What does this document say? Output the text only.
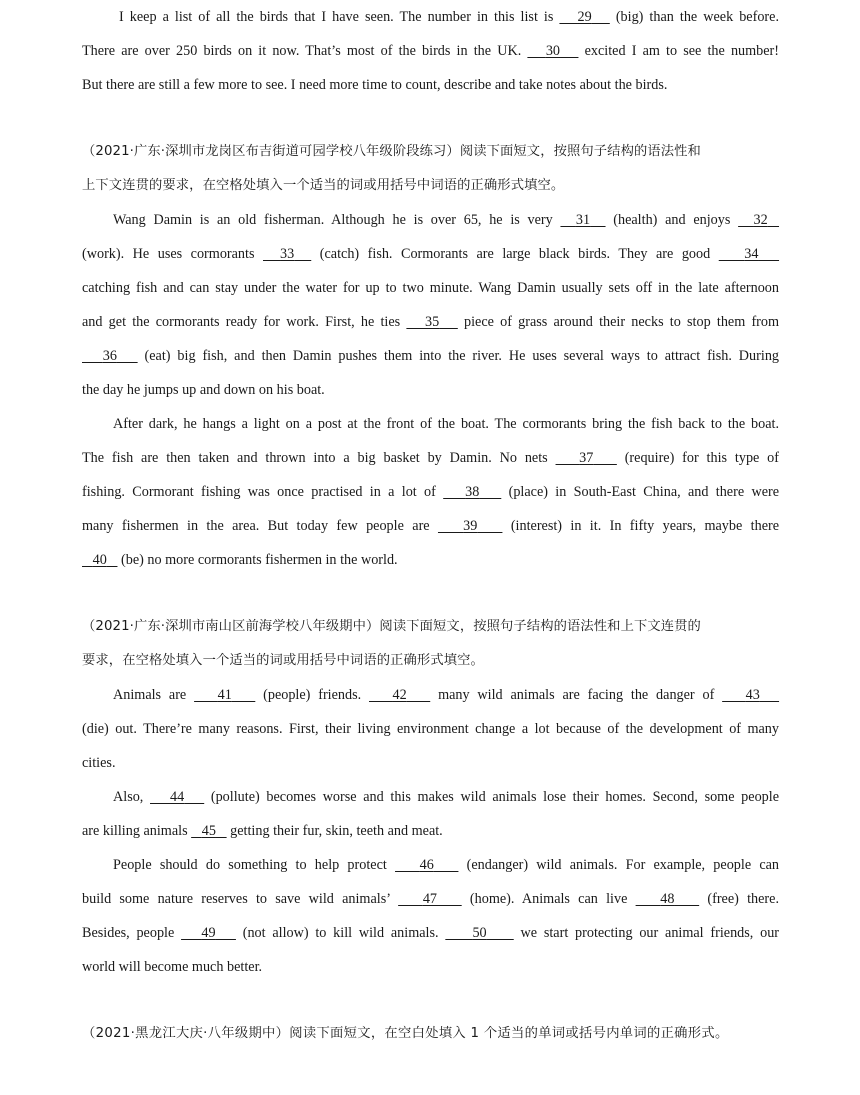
I keep a list of all the birds that I have seen. The number in this list is    29    (big) than the week before.
There are over 250 birds on it now. That’s most of the birds in the UK.    30    excited I am to see the number!
But there are still a few more to see. I need more time to count, describe and take notes about the birds.
（2021·广东·深圳市龙岗区布吉街道可园学校八年级阶段练习）阅读下面短文，按照句子结构的语法性和
上下文连贯的要求，在空格处填入一个适当的词或用括号中词语的正确形式填空。
Wang Damin is an old fisherman. Although he is over 65, he is very   31   (health) and enjoys   32
(work). He uses cormorants   33   (catch) fish. Cormorants are large black birds. They are good    34
catching fish and can stay under the water for up to two minute. Wang Damin usually sets off in the late afternoon
and get the cormorants ready for work. First, he ties    35    piece of grass around their necks to stop them from
36    (eat) big fish, and then Damin pushes them into the river. He uses several ways to attract fish. During
the day he jumps up and down on his boat.
After dark, he hangs a light on a post at the front of the boat. The cormorants bring the fish back to the boat.
The fish are then taken and thrown into a big basket by Damin. No nets    37    (require) for this type of
fishing. Cormorant fishing was once practised in a lot of    38    (place) in South-East China, and there were
many fishermen in the area. But today few people are    39    (interest) in it. In fifty years, maybe there
40    (be) no more cormorants fishermen in the world.
（2021·广东·深圳市南山区前海学校八年级期中）阅读下面短文，按照句子结构的语法性和上下文连贯的
要求，在空格处填入一个适当的词或用括号中词语的正确形式填空。
Animals are    41    (people) friends.    42    many wild animals are facing the danger of    43
(die) out. There’re many reasons. First, their living environment change a lot because of the development of many
cities.
Also,    44    (pollute) becomes worse and this makes wild animals lose their homes. Second, some people
are killing animals    45    getting their fur, skin, teeth and meat.
People should do something to help protect    46    (endanger) wild animals. For example, people can
build some nature reserves to save wild animals’    47    (home). Animals can live    48    (free) there.
Besides, people    49    (not allow) to kill wild animals.     50     we start protecting our animal friends, our
world will become much better.
（2021·黑龙江大庆·八年级期中）阅读下面短文，在空白处填入 1 个适当的单词或括号内单词的正确形式。
